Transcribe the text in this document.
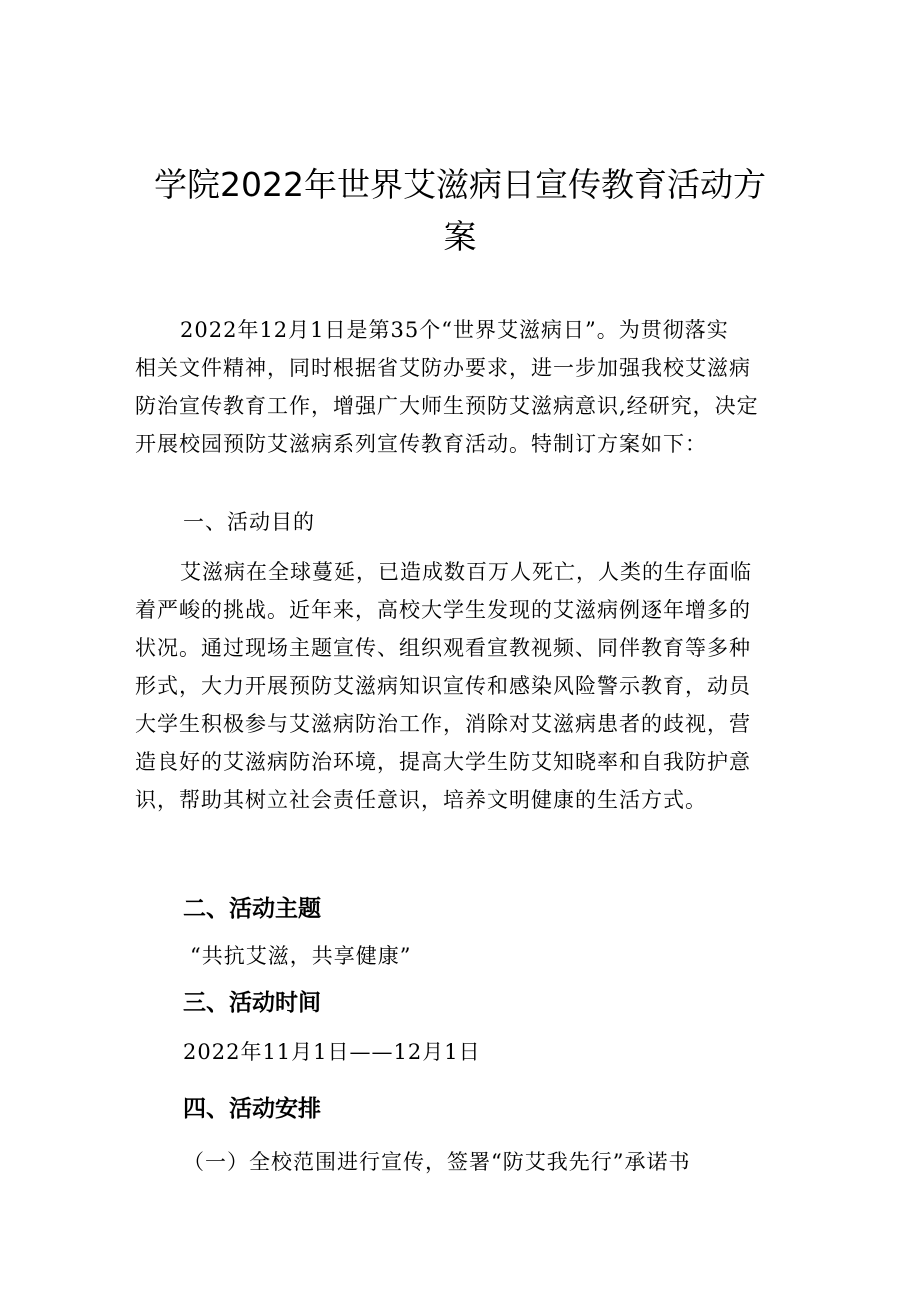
学院2022年世界艾滋病日宣传教育活动方
案
2022年12月1日是第35个“世界艾滋病日”。为贯彻落实
相关文件精神，同时根据省艾防办要求，进一步加强我校艾滋病
防治宣传教育工作，增强广大师生预防艾滋病意识,经研究，决定
开展校园预防艾滋病系列宣传教育活动。特制订方案如下：

一、活动目的

艾滋病在全球蔓延，已造成数百万人死亡，人类的生存面临
着严峻的挑战。近年来，高校大学生发现的艾滋病例逐年增多的
状况。通过现场主题宣传、组织观看宣教视频、同伴教育等多种
形式，大力开展预防艾滋病知识宣传和感染风险警示教育，动员
大学生积极参与艾滋病防治工作，消除对艾滋病患者的歧视，营
造良好的艾滋病防治环境，提高大学生防艾知晓率和自我防护意
识，帮助其树立社会责任意识，培养文明健康的生活方式。

二、活动主题

“共抗艾滋，共享健康”

三、活动时间

2022年11月1日——12月1日

四、活动安排

（一）全校范围进行宣传，签署“防艾我先行”承诺书
